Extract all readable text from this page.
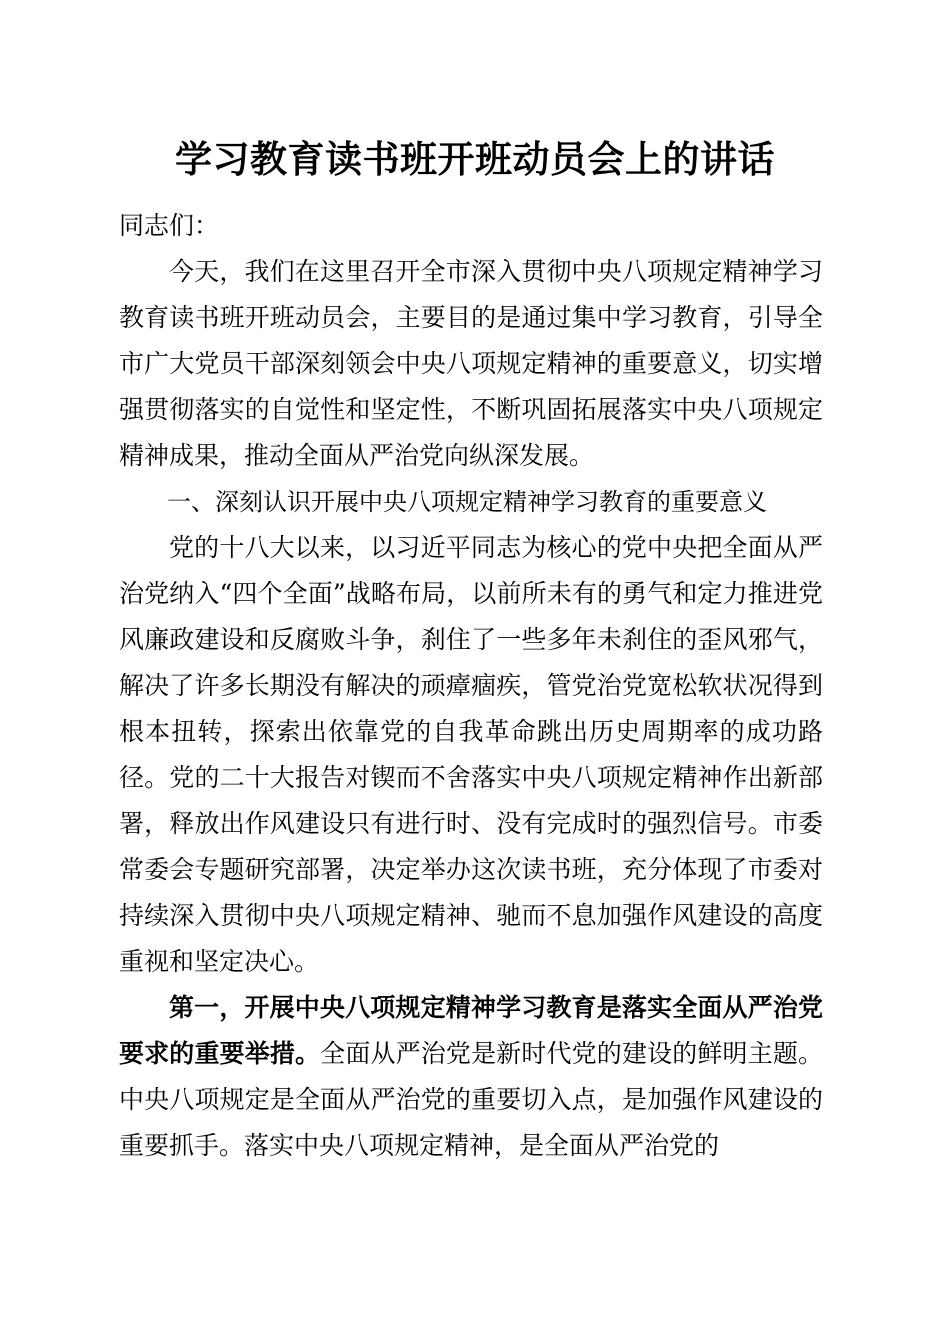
学习教育读书班开班动员会上的讲话

同志们：

今天，我们在这里召开全市深入贯彻中央八项规定精神学习教育读书班开班动员会，主要目的是通过集中学习教育，引导全市广大党员干部深刻领会中央八项规定精神的重要意义，切实增强贯彻落实的自觉性和坚定性，不断巩固拓展落实中央八项规定精神成果，推动全面从严治党向纵深发展。

一、深刻认识开展中央八项规定精神学习教育的重要意义

党的十八大以来，以习近平同志为核心的党中央把全面从严治党纳入“四个全面”战略布局，以前所未有的勇气和定力推进党风廉政建设和反腐败斗争，刹住了一些多年未刹住的歪风邪气，解决了许多长期没有解决的顽瘴痼疾，管党治党宽松软状况得到根本扭转，探索出依靠党的自我革命跳出历史周期率的成功路径。党的二十大报告对锲而不舍落实中央八项规定精神作出新部署，释放出作风建设只有进行时、没有完成时的强烈信号。市委常委会专题研究部署，决定举办这次读书班，充分体现了市委对持续深入贯彻中央八项规定精神、驰而不息加强作风建设的高度重视和坚定决心。

第一，开展中央八项规定精神学习教育是落实全面从严治党要求的重要举措。全面从严治党是新时代党的建设的鲜明主题。中央八项规定是全面从严治党的重要切入点，是加强作风建设的重要抓手。落实中央八项规定精神，是全面从严治党的
